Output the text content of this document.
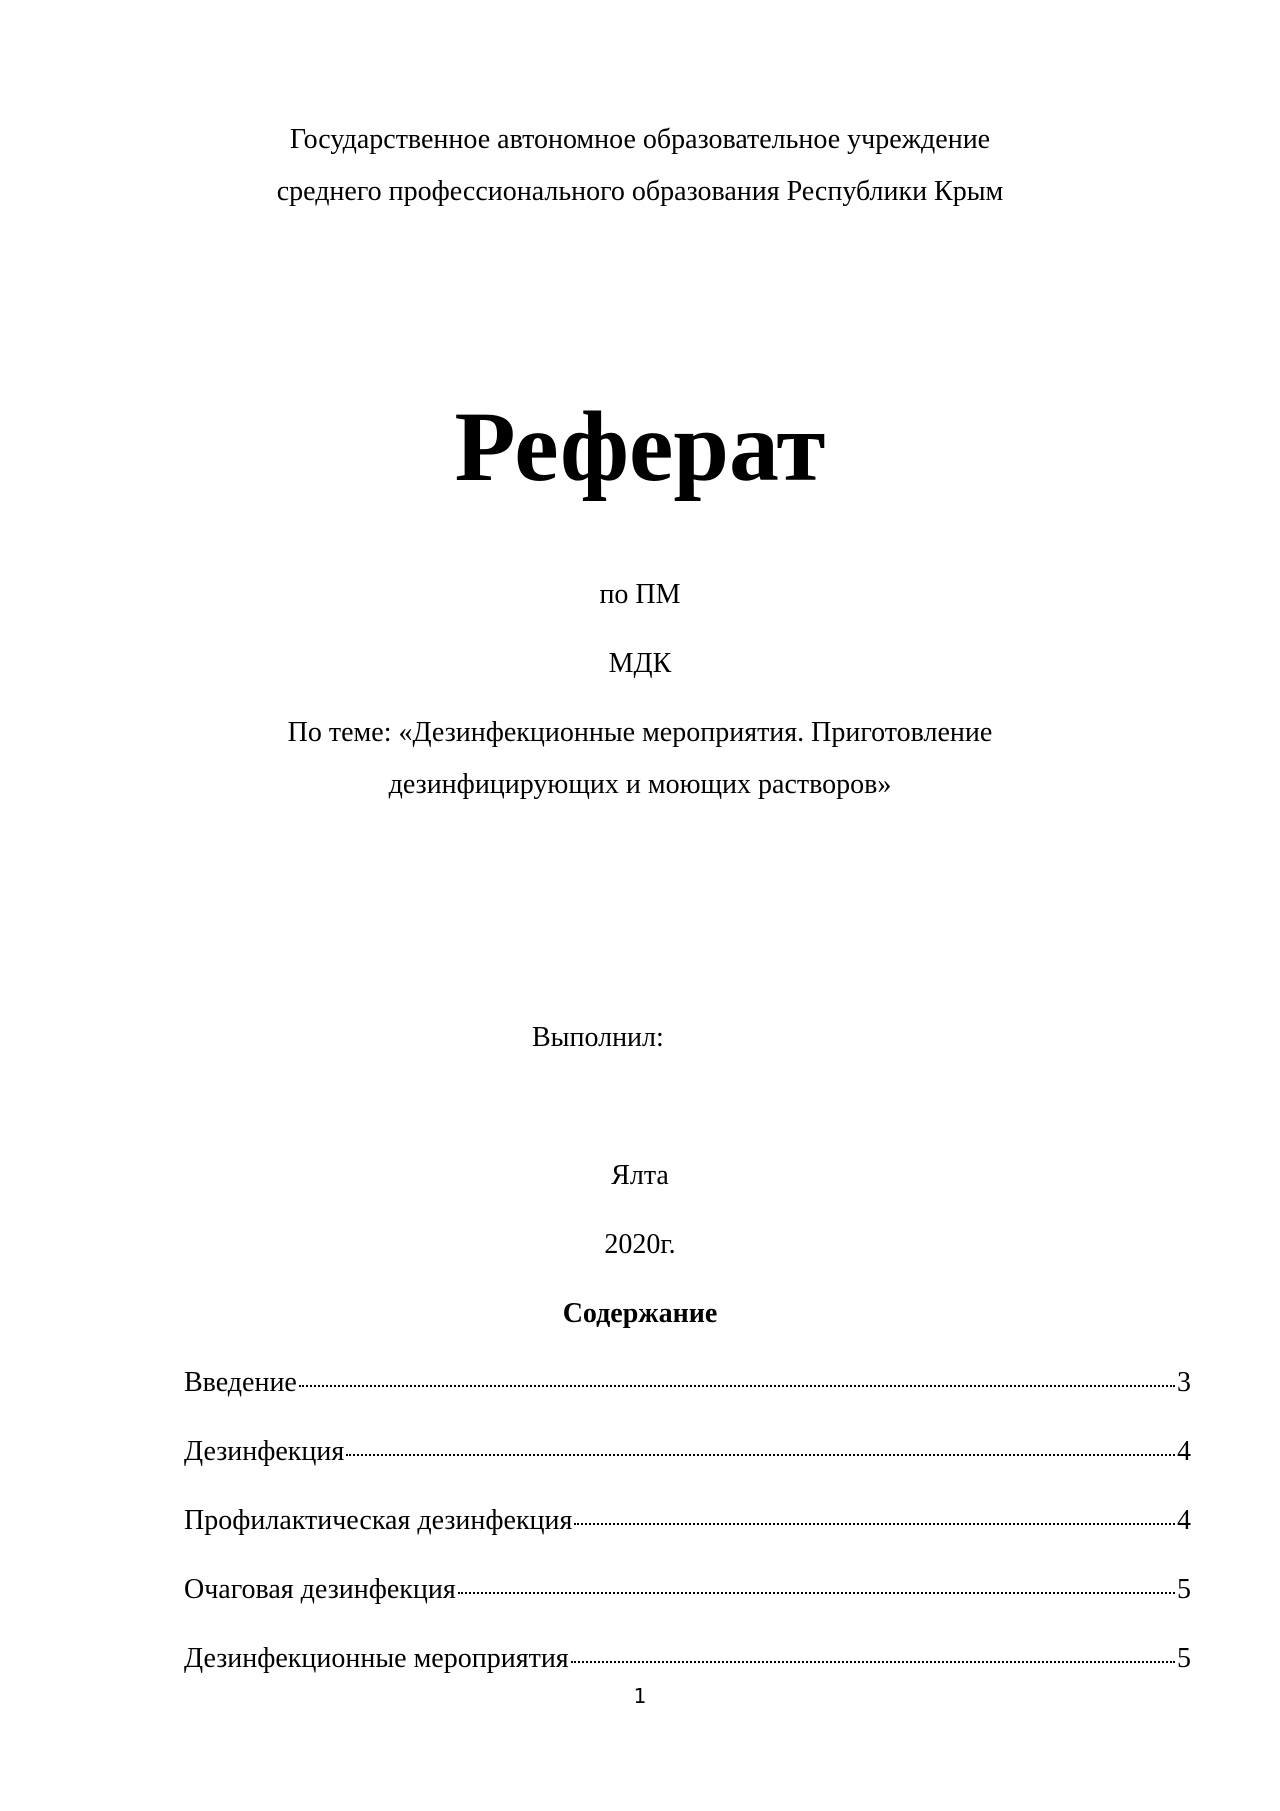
Государственное автономное образовательное учреждение
среднего профессионального образования Республики Крым
Реферат
по ПМ
МДК
По теме: «Дезинфекционные мероприятия. Приготовление
дезинфицирующих и моющих растворов»
Выполнил:
Ялта
2020г.
Содержание
Введение	3
Дезинфекция	4
Профилактическая дезинфекция	4
Очаговая дезинфекция	5
Дезинфекционные мероприятия	5
1
